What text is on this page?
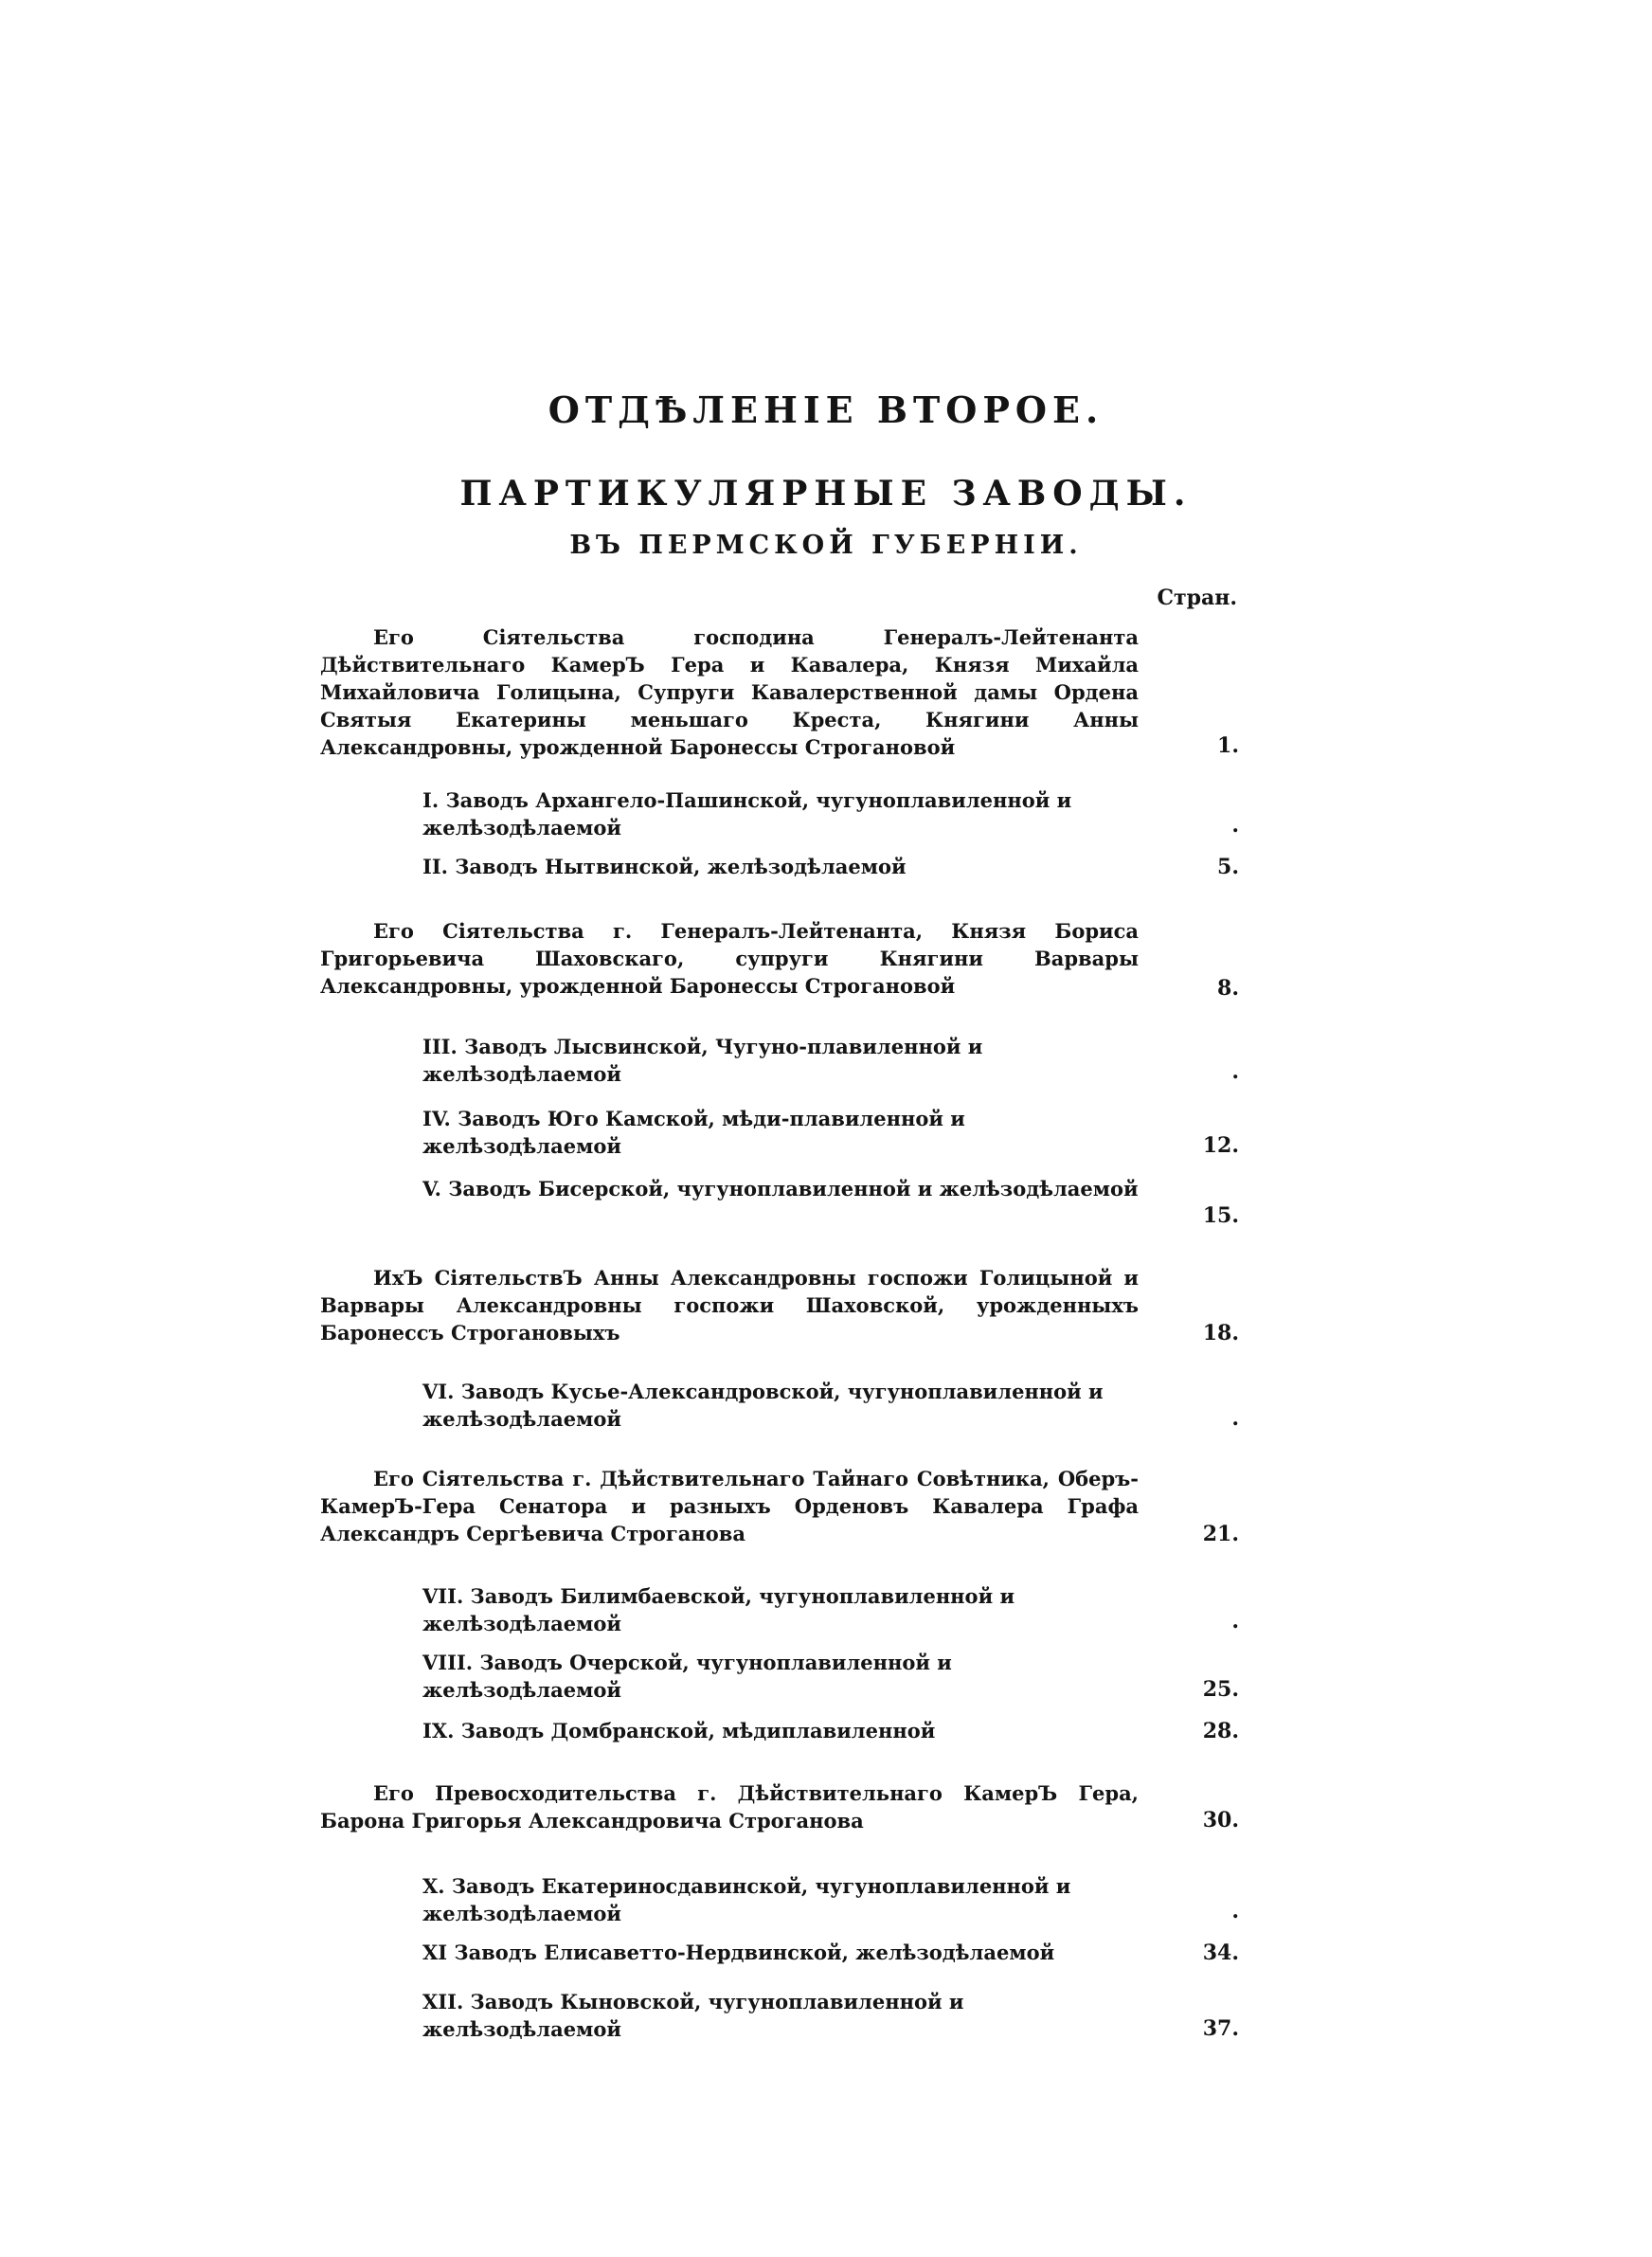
ОТДѢЛЕНІЕ ВТОРОЕ.
ПАРТИКУЛЯРНЫЕ ЗАВОДЫ.
ВЪ ПЕРМСКОЙ ГУБЕРНІИ.
Стран.
Его Сіятельства господина Генералъ-Лейтенанта Дѣйствительнаго КамерЪ Гера и Кавалера, Князя Михайла Михайловича Голицына, Супруги Кавалерственной дамы Ордена Святыя Екатерины меньшаго Креста, Княгини Анны Александровны, урожденной Баронессы Строгановой	1.
I. Заводъ Архангело-Пашинской, чугуноплавиленной и желѣзодѣлаемой	.
II. Заводъ Нытвинской, желѣзодѣлаемой	5.
Его Сіятельства г. Генералъ-Лейтенанта, Князя Бориса Григорьевича Шаховскаго, супруги Княгини Варвары Александровны, урожденной Баронессы Строгановой	8.
III. Заводъ Лысвинской, Чугуно-плавиленной и желѣзодѣлаемой	.
IV. Заводъ Юго Камской, мѣди-плавиленной и желѣзодѣлаемой	12.
V. Заводъ Бисерской, чугуноплавиленной и желѣзодѣлаемой
15.
ИхЪ СіятельствЪ Анны Александровны госпожи Голицыной и Варвары Александровны госпожи Шаховской, урожденныхъ Баронессъ Строгановыхъ	18.
VI. Заводъ Кусье-Александровской, чугуноплавиленной и желѣзодѣлаемой	.
Его Сіятельства г. Дѣйствительнаго Тайнаго Совѣтника, Оберъ-КамерЪ-Гера Сенатора и разныхъ Орденовъ Кавалера Графа Александръ Сергѣевича Строганова	21.
VII. Заводъ Билимбаевской, чугуноплавиленной и желѣзодѣлаемой	.
VIII. Заводъ Очерской, чугуноплавиленной и желѣзодѣлаемой	25.
IX. Заводъ Домбранской, мѣдиплавиленной	28.
Его Превосходительства г. Дѣйствительнаго КамерЪ Гера, Барона Григорья Александровича Строганова	30.
X. Заводъ Екатериносдавинской, чугуноплавиленной и желѣзодѣлаемой	.
XI Заводъ Елисаветто-Нердвинской, желѣзодѣлаемой	34.
XII. Заводъ Кыновской, чугуноплавиленной и желѣзодѣлаемой	37.
